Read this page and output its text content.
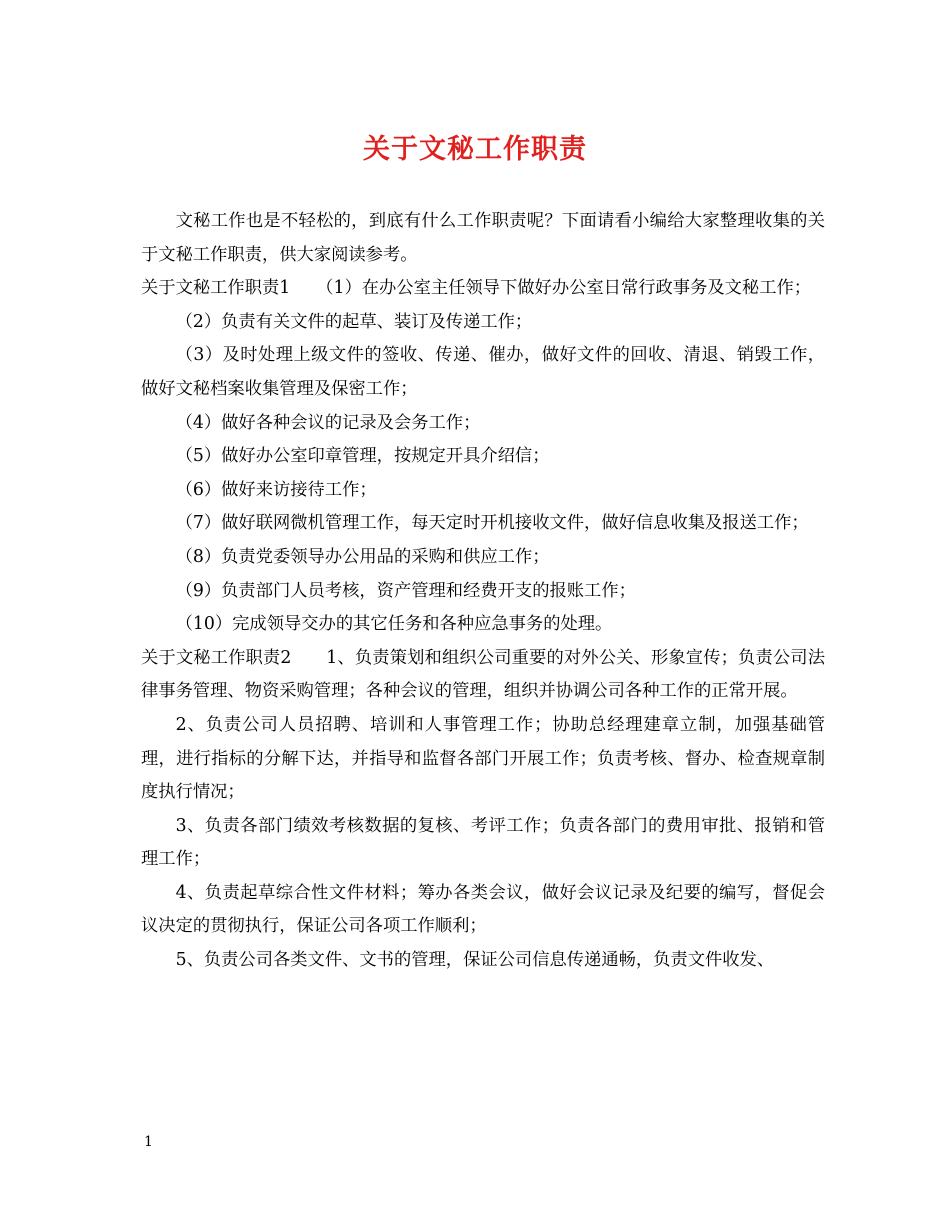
关于文秘工作职责

文秘工作也是不轻松的，到底有什么工作职责呢？下面请看小编给大家整理收集的关于文秘工作职责，供大家阅读参考。

关于文秘工作职责1　　（1）在办公室主任领导下做好办公室日常行政事务及文秘工作；

（2）负责有关文件的起草、装订及传递工作；

（3）及时处理上级文件的签收、传递、催办，做好文件的回收、清退、销毁工作，做好文秘档案收集管理及保密工作；

（4）做好各种会议的记录及会务工作；

（5）做好办公室印章管理，按规定开具介绍信；

（6）做好来访接待工作；

（7）做好联网微机管理工作，每天定时开机接收文件，做好信息收集及报送工作；

（8）负责党委领导办公用品的采购和供应工作；

（9）负责部门人员考核，资产管理和经费开支的报账工作；

（10）完成领导交办的其它任务和各种应急事务的处理。

关于文秘工作职责2　　1、负责策划和组织公司重要的对外公关、形象宣传；负责公司法律事务管理、物资采购管理；各种会议的管理，组织并协调公司各种工作的正常开展。

2、负责公司人员招聘、培训和人事管理工作；协助总经理建章立制，加强基础管理，进行指标的分解下达，并指导和监督各部门开展工作；负责考核、督办、检查规章制度执行情况；

3、负责各部门绩效考核数据的复核、考评工作；负责各部门的费用审批、报销和管理工作；

4、负责起草综合性文件材料；筹办各类会议，做好会议记录及纪要的编写，督促会议决定的贯彻执行，保证公司各项工作顺利；

5、负责公司各类文件、文书的管理，保证公司信息传递通畅，负责文件收发、

1
